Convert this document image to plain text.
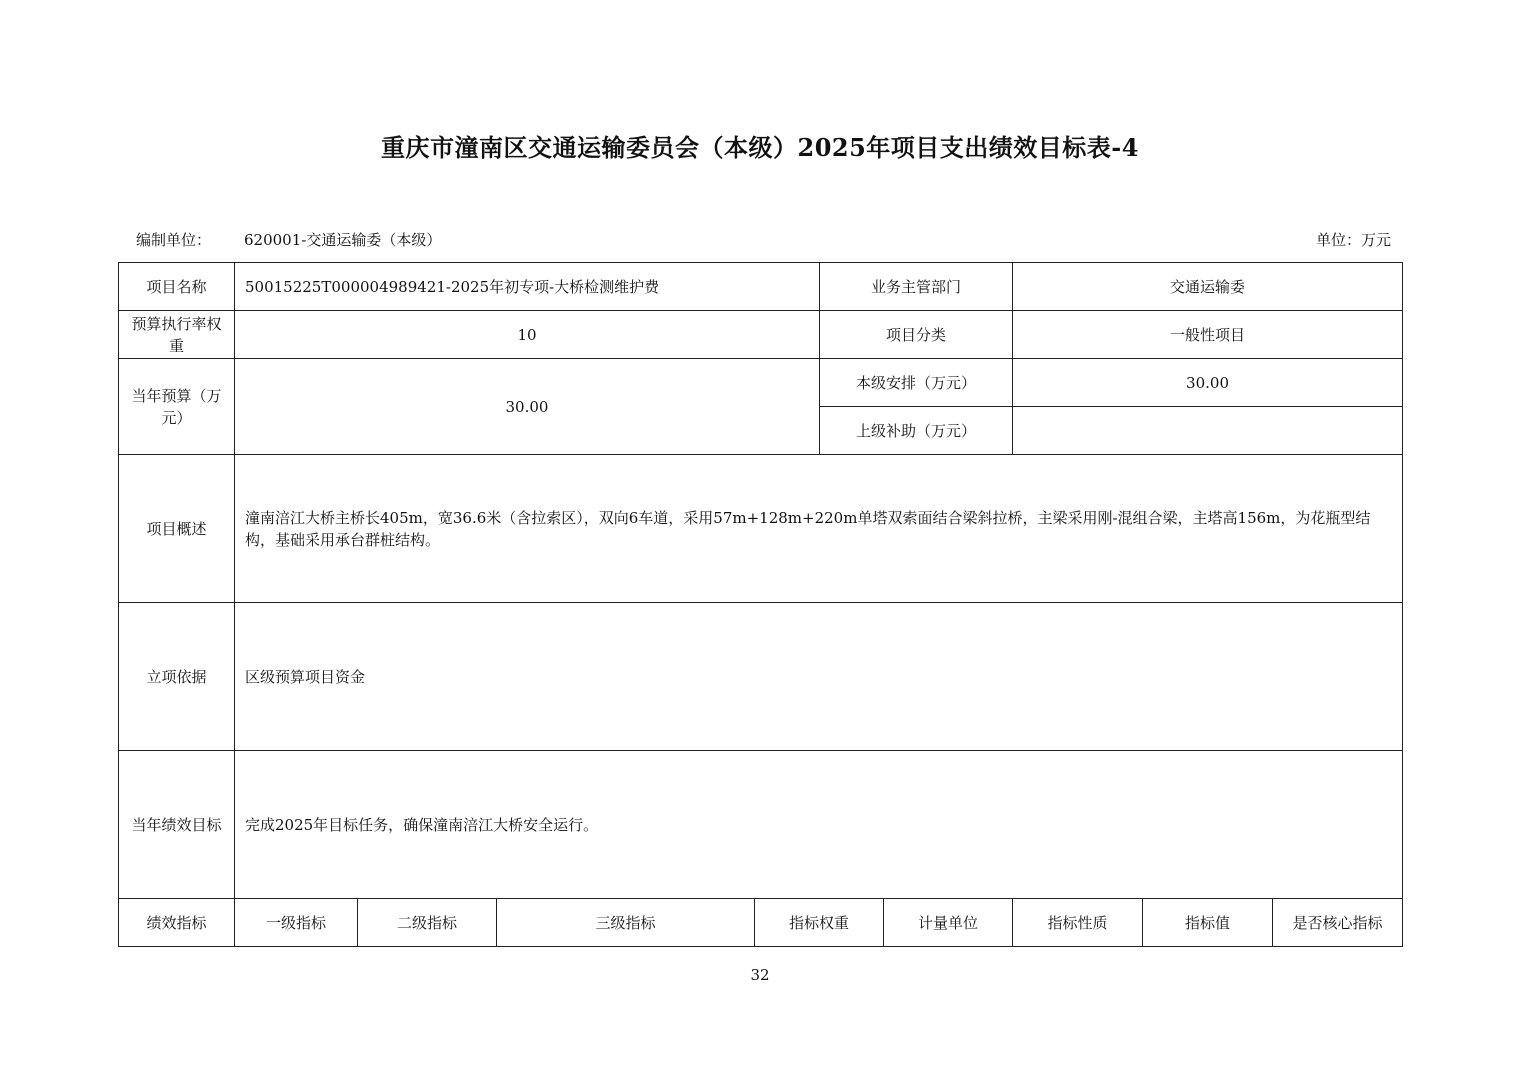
重庆市潼南区交通运输委员会（本级）2025年项目支出绩效目标表-4
编制单位： 620001-交通运输委（本级）	单位：万元
项目名称	50015225T000004989421-2025年初专项-大桥检测维护费				业务主管部门		交通运输委		
预算执行率权重	10				项目分类		一般性项目		
当年预算（万元）	30.00				本级安排（万元）		30.00		
					上级补助（万元）				
项目概述	潼南涪江大桥主桥长405m，宽36.6米（含拉索区），双向6车道，采用57m+128m+220m单塔双索面结合梁斜拉桥，主梁采用刚-混组合梁，主塔高156m，为花瓶型结构，基础采用承台群桩结构。								
立项依据	区级预算项目资金								
当年绩效目标	完成2025年目标任务，确保潼南涪江大桥安全运行。								
绩效指标	一级指标	二级指标	三级指标	指标权重		计量单位	指标性质	指标值	是否核心指标
32
